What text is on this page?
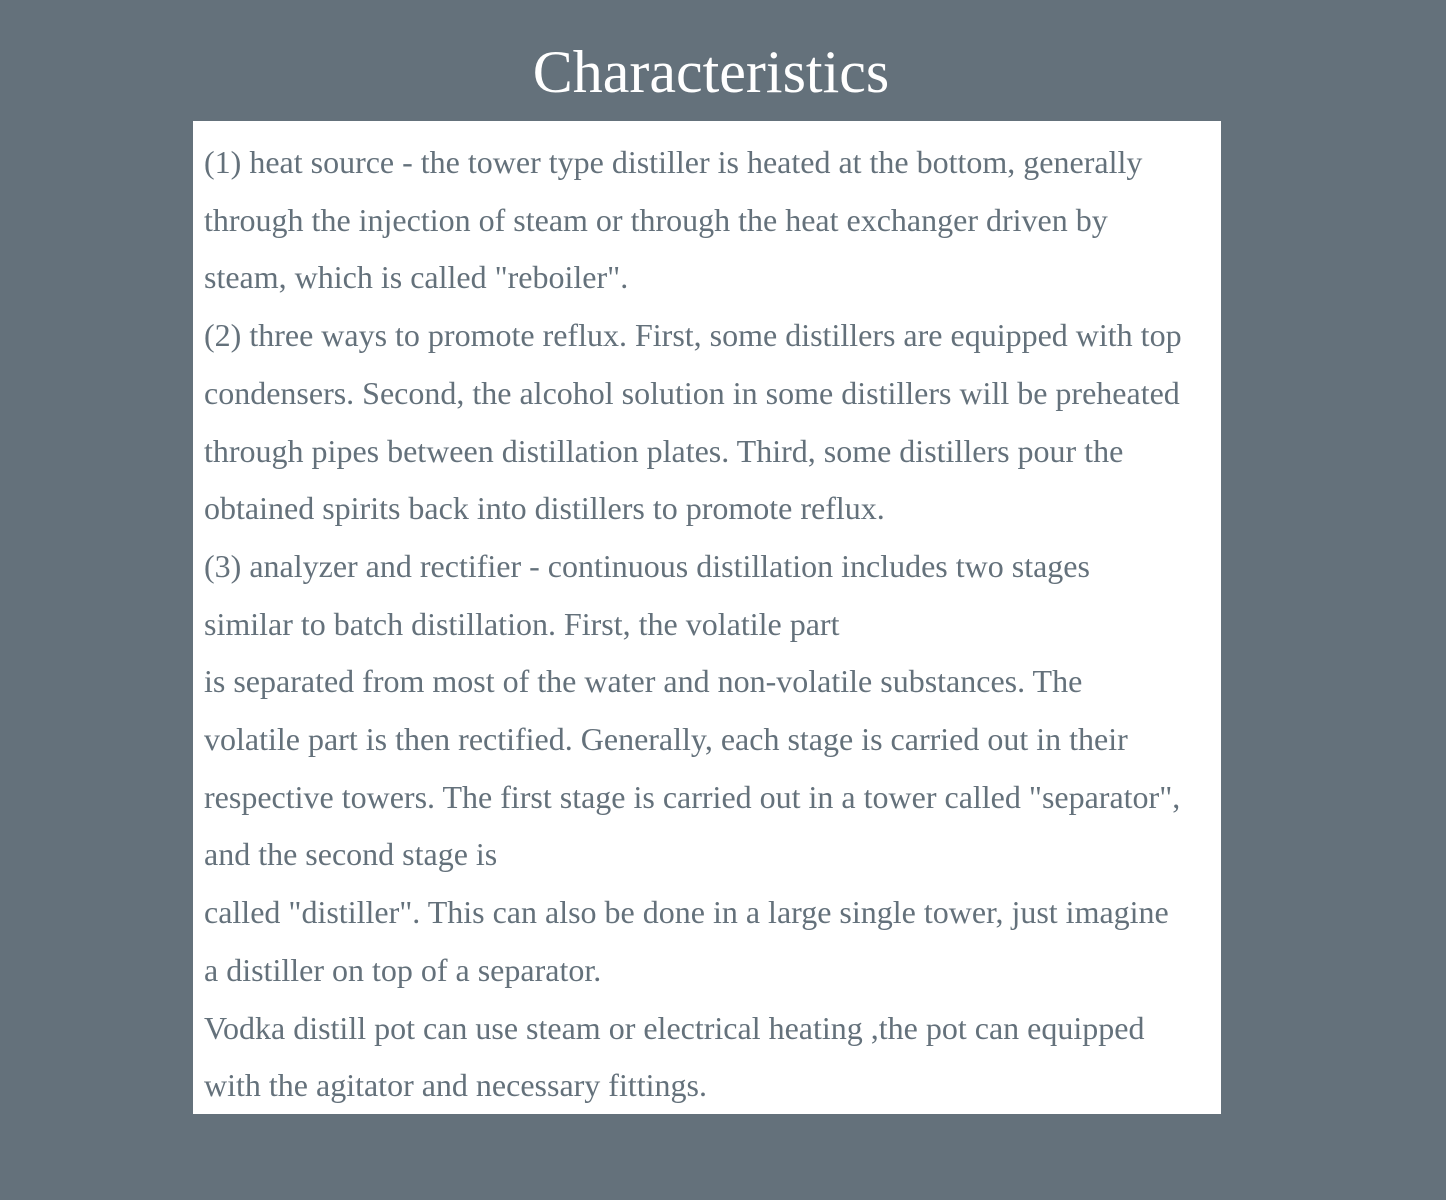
Characteristics
(1) heat source - the tower type distiller is heated at the bottom, generally
through the injection of steam or through the heat exchanger driven by
steam, which is called "reboiler".
(2) three ways to promote reflux. First, some distillers are equipped with top
condensers. Second, the alcohol solution in some distillers will be preheated
through pipes between distillation plates. Third, some distillers pour the
obtained spirits back into distillers to promote reflux.
(3) analyzer and rectifier - continuous distillation includes two stages
similar to batch distillation. First, the volatile part
is separated from most of the water and non-volatile substances. The
volatile part is then rectified. Generally, each stage is carried out in their
respective towers. The first stage is carried out in a tower called "separator",
and the second stage is
called "distiller". This can also be done in a large single tower, just imagine
a distiller on top of a separator.
Vodka distill pot can use steam or electrical heating ,the pot can equipped
with the agitator and necessary fittings.
